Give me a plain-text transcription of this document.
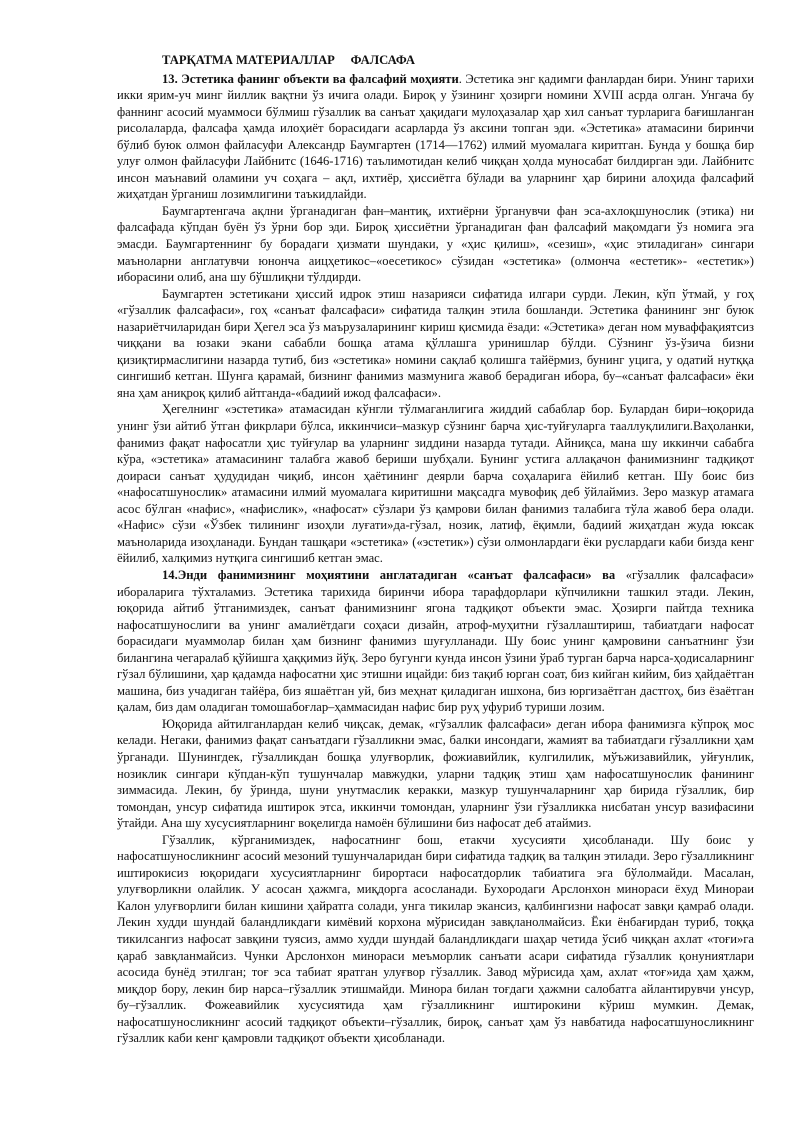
ТАРҚАТМА МАТЕРИАЛЛАР     ФАЛСАФА

13. Эстетика фанинг объекти ва фалсафий моҳияти. Эстетика энг қадимги фанлардан бири. Унинг тарихи икки ярим-уч минг йиллик вақтни ўз ичига олади. Бироқ у ўзининг ҳозирги номини XVIII асрда олган. Унгача бу фаннинг асосий муаммоси бўлмиш гўзаллик ва санъат ҳақидаги мулоҳазалар ҳар хил санъат турларига бағишланган рисолаларда, фалсафа ҳамда илоҳиёт борасидаги асарларда ўз аксини топган эди. «Эстетика» атамасини биринчи бўлиб буюк олмон файласуфи Александр Баумгартен (1714—1762) илмий муомалага киритган. Бунда у бошқа бир улуғ олмон файласуфи Лайбнитс (1646-1716) таълимотидан келиб чиққан ҳолда муносабат билдирган эди. Лайбнитс инсон маънавий оламини уч соҳага – ақл, ихтиёр, ҳиссиётга бўлади ва уларнинг ҳар бирини алоҳида фалсафий жиҳатдан ўрганиш лозимлигини таъкидлайди.

Баумгартенгача ақлни ўрганадиган фан–мантиқ, ихтиёрни ўрганувчи фан эса-ахлоқшунослик (этика) ни фалсафада кўпдан буён ўз ўрни бор эди. Бироқ ҳиссиётни ўрганадиган фан фалсафий мақомдаги ўз номига эга эмасди. Баумгартеннинг бу борадаги ҳизмати шундаки, у «ҳис қилиш», «сезиш», «ҳис этиладиган» сингари маъноларни англатувчи юнонча аицҳетикос–«оесетикос» сўзидан «эстетика» (олмонча «естетик»- «естетик») иборасини олиб, ана шу бўшлиқни тўлдирди.

Баумгартен эстетикани ҳиссий идрок этиш назарияси сифатида илгари сурди. Лекин, кўп ўтмай, у гоҳ «гўзаллик фалсафаси», гоҳ «санъат фалсафаси» сифатида талқин этила бошланди. Эстетика фанининг энг буюк назариётчиларидан бири Ҳегел эса ўз маърузаларининг кириш қисмида ёзади: «Эстетика» деган ном муваффақиятсиз чиққани ва юзаки экани сабабли бошқа атама қўллашга уринишлар бўлди. Сўзнинг ўз-ўзича бизни қизиқтирмаслигини назарда тутиб, биз «эстетика» номини сақлаб қолишга тайёрмиз, бунинг уцига, у одатий нутққа сингишиб кетган. Шунга қарамай, бизнинг фанимиз мазмунига жавоб берадиган ибора, бу–«санъат фалсафаси» ёки яна ҳам аниқроқ қилиб айтганда-«бадиий ижод фалсафаси».

Ҳегелнинг «эстетика» атамасидан кўнгли тўлмаганлигига жиддий сабаблар бор. Булардан бири–юқорида унинг ўзи айтиб ўтган фикрлари бўлса, иккинчиси–мазкур сўзнинг барча ҳис-туйғуларга тааллуқлилиги.Ваҳоланки, фанимиз фақат нафосатли ҳис туйғулар ва уларнинг зиддини назарда тутади. Айниқса, мана шу иккинчи сабабга кўра, «эстетика» атамасининг талабга жавоб бериши шубҳали. Бунинг устига аллақачон фанимизнинг тадқиқот доираси санъат ҳудудидан чиқиб, инсон ҳаётининг деярли барча соҳаларига ёйилиб кетган. Шу боис биз «нафосатшунослик» атамасини илмий муомалага киритишни мақсадга мувофиқ деб ўйлаймиз. Зеро мазкур атамага асос бўлган «нафис», «нафислик», «нафосат» сўзлари ўз қамрови билан фанимиз талабига тўла жавоб бера олади. «Нафис» сўзи «Ўзбек тилининг изоҳли луғати»да-гўзал, нозик, латиф, ёқимли, бадиий жиҳатдан жуда юксак маъноларида изоҳланади. Бундан ташқари «эстетика» («эстетик») сўзи олмонлардаги ёки руслардаги каби бизда кенг ёйилиб, халқимиз нутқига сингишиб кетган эмас.

14.Энди фанимизнинг моҳиятини англатадиган «санъат фалсафаси» ва «гўзаллик фалсафаси» ибораларига тўхталамиз. Эстетика тарихида биринчи ибора тарафдорлари кўпчиликни ташкил этади. Лекин, юқорида айтиб ўтганимиздек, санъат фанимизнинг ягона тадқиқот объекти эмас. Ҳозирги пайтда техника нафосатшунослиги ва унинг амалиётдаги соҳаси дизайн, атроф-муҳитни гўзаллаштириш, табиатдаги нафосат борасидаги муаммолар билан ҳам бизнинг фанимиз шуғулланади. Шу боис унинг қамровини санъатнинг ўзи билангина чегаралаб қўйишга ҳаққимиз йўқ. Зеро бугунги кунда инсон ўзини ўраб турган барча нарса-ҳодисаларнинг гўзал бўлишини, ҳар қадамда нафосатни ҳис этишни ицайди: биз тақиб юрган соат, биз кийган кийим, биз ҳайдаётган машина, биз учадиган тайёра, биз яшаётган уй, биз меҳнат қиладиган ишхона, биз юргизаётган дастгоҳ, биз ёзаётган қалам, биз дам оладиган томошабоғлар–ҳаммасидан нафис бир руҳ уфуриб туриши лозим.

Юқорида айтилганлардан келиб чиқсак, демак, «гўзаллик фалсафаси» деган ибора фанимизга кўпроқ мос келади. Негаки, фанимиз фақат санъатдаги гўзалликни эмас, балки инсондаги, жамият ва табиатдаги гўзалликни ҳам ўрганади. Шунингдек, гўзалликдан бошқа улуғворлик, фожиавийлик, кулгилилик, мўъжизавийлик, уйғунлик, нозиклик сингари кўпдан-кўп тушунчалар мавжудки, уларни тадқиқ этиш ҳам нафосатшунослик фанининг зиммасида. Лекин, бу ўринда, шуни унутмаслик керакки, мазкур тушунчаларнинг ҳар бирида гўзаллик, бир томондан, унсур сифатида иштирок этса, иккинчи томондан, уларнинг ўзи гўзалликка нисбатан унсур вазифасини ўтайди. Ана шу хусусиятларнинг воқелигда намоён бўлишини биз нафосат деб атаймиз.

Гўзаллик, кўрганимиздек, нафосатнинг бош, етакчи хусусияти ҳисобланади. Шу боис у нафосатшуносликнинг асосий мезоний тушунчаларидан бири сифатида тадқиқ ва талқин этилади. Зеро гўзалликнинг иштирокисиз юқоридаги хусусиятларнинг бирортаси нафосатдорлик табиатига эга бўлолмайди. Масалан, улуғворликни олайлик. У асосан ҳажмга, миқдорга асосланади. Бухородаги Арслонхон минораси ёхуд Минораи Калон улуғворлиги билан кишини ҳайратга солади, унга тикилар экансиз, қалбингизни нафосат завқи қамраб олади. Лекин худди шундай баландликдаги кимёвий корхона мўрисидан завқланолмайсиз. Ёки ёнбағирдан туриб, тоққа тикилсангиз нафосат завқини туясиз, аммо худди шундай баландликдаги шаҳар четида ўсиб чиққан ахлат «тоғи»га қараб завқланмайсиз. Чунки Арслонхон минораси меъморлик санъати асари сифатида гўзаллик қонуниятлари асосида бунёд этилган; тоғ эса табиат яратган улуғвор гўзаллик. Завод мўрисида ҳам, ахлат «тоғ»ида ҳам ҳажм, миқдор бору, лекин бир нарса–гўзаллик этишмайди. Минора билан тоғдаги ҳажмни салобатга айлантирувчи унсур, бу–гўзаллик. Фожеавийлик хусусиятида ҳам гўзалликнинг иштирокини кўриш мумкин. Демак, нафосатшуносликнинг асосий тадқиқот объекти–гўзаллик, бироқ, санъат ҳам ўз навбатида нафосатшуносликнинг гўзаллик каби кенг қамровли тадқиқот объекти ҳисобланади.
